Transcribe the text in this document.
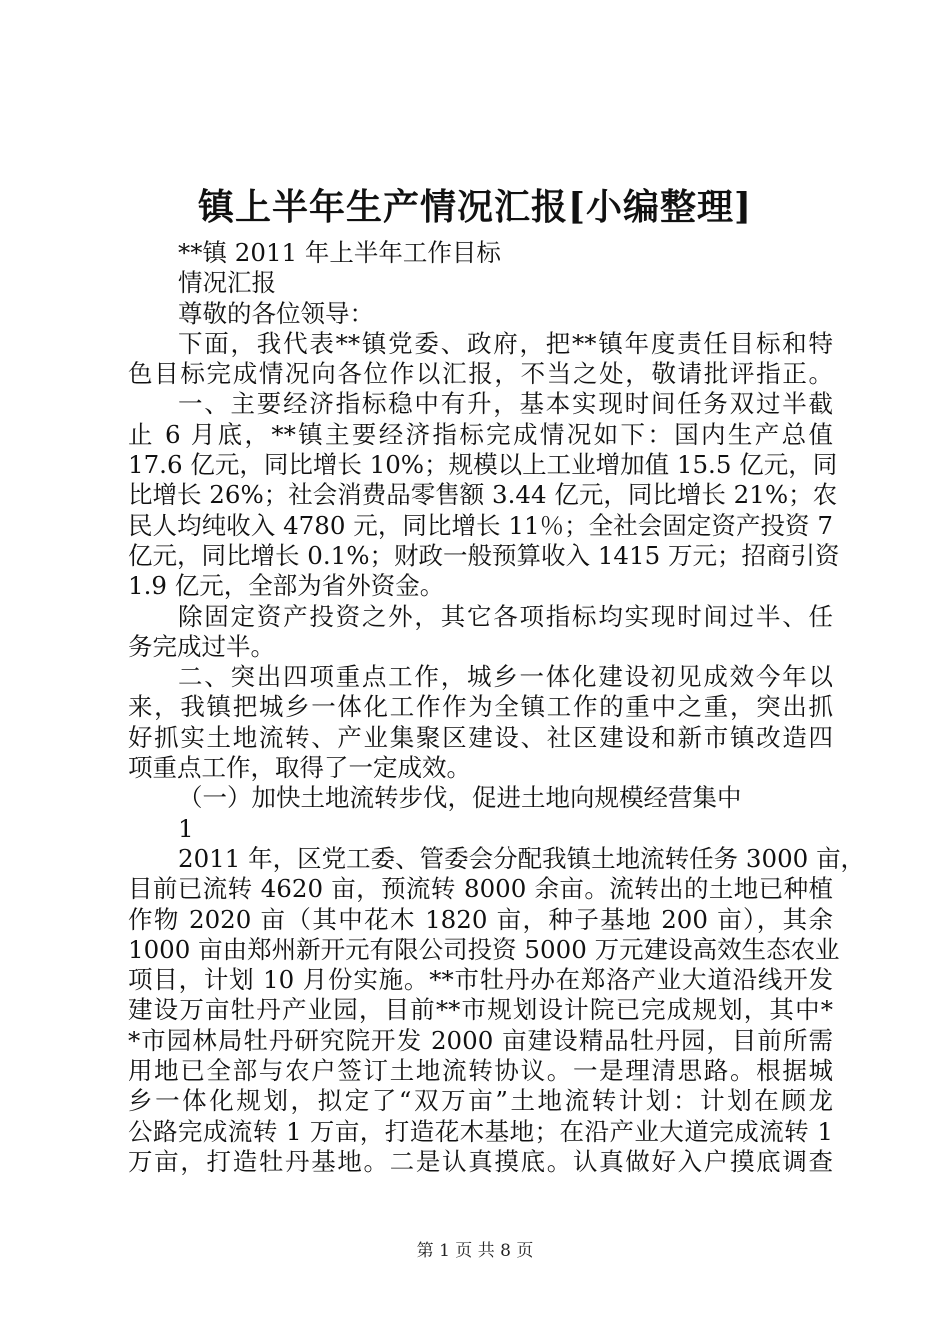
镇上半年生产情况汇报[小编整理]
**镇 2011 年上半年工作目标
情况汇报
尊敬的各位领导：
下面，我代表**镇党委、政府，把**镇年度责任目标和特
色目标完成情况向各位作以汇报，不当之处，敬请批评指正。
一、主要经济指标稳中有升，基本实现时间任务双过半截
止 6 月底，**镇主要经济指标完成情况如下：国内生产总值
17.6 亿元，同比增长 10%；规模以上工业增加值 15.5 亿元，同
比增长 26%；社会消费品零售额 3.44 亿元，同比增长 21%；农
民人均纯收入 4780 元，同比增长 11％；全社会固定资产投资 7
亿元，同比增长 0.1%；财政一般预算收入 1415 万元；招商引资
1.9 亿元，全部为省外资金。
除固定资产投资之外，其它各项指标均实现时间过半、任
务完成过半。
二、突出四项重点工作，城乡一体化建设初见成效今年以
来，我镇把城乡一体化工作作为全镇工作的重中之重，突出抓
好抓实土地流转、产业集聚区建设、社区建设和新市镇改造四
项重点工作，取得了一定成效。
（一）加快土地流转步伐，促进土地向规模经营集中
1
2011 年，区党工委、管委会分配我镇土地流转任务 3000 亩，
目前已流转 4620 亩，预流转 8000 余亩。流转出的土地已种植
作物 2020 亩（其中花木 1820 亩，种子基地 200 亩），其余
1000 亩由郑州新开元有限公司投资 5000 万元建设高效生态农业
项目，计划 10 月份实施。**市牡丹办在郑洛产业大道沿线开发
建设万亩牡丹产业园，目前**市规划设计院已完成规划，其中*
*市园林局牡丹研究院开发 2000 亩建设精品牡丹园，目前所需
用地已全部与农户签订土地流转协议。一是理清思路。根据城
乡一体化规划，拟定了“双万亩”土地流转计划：计划在顾龙
公路完成流转 1 万亩，打造花木基地；在沿产业大道完成流转 1
万亩，打造牡丹基地。二是认真摸底。认真做好入户摸底调查
第 1 页 共 8 页
